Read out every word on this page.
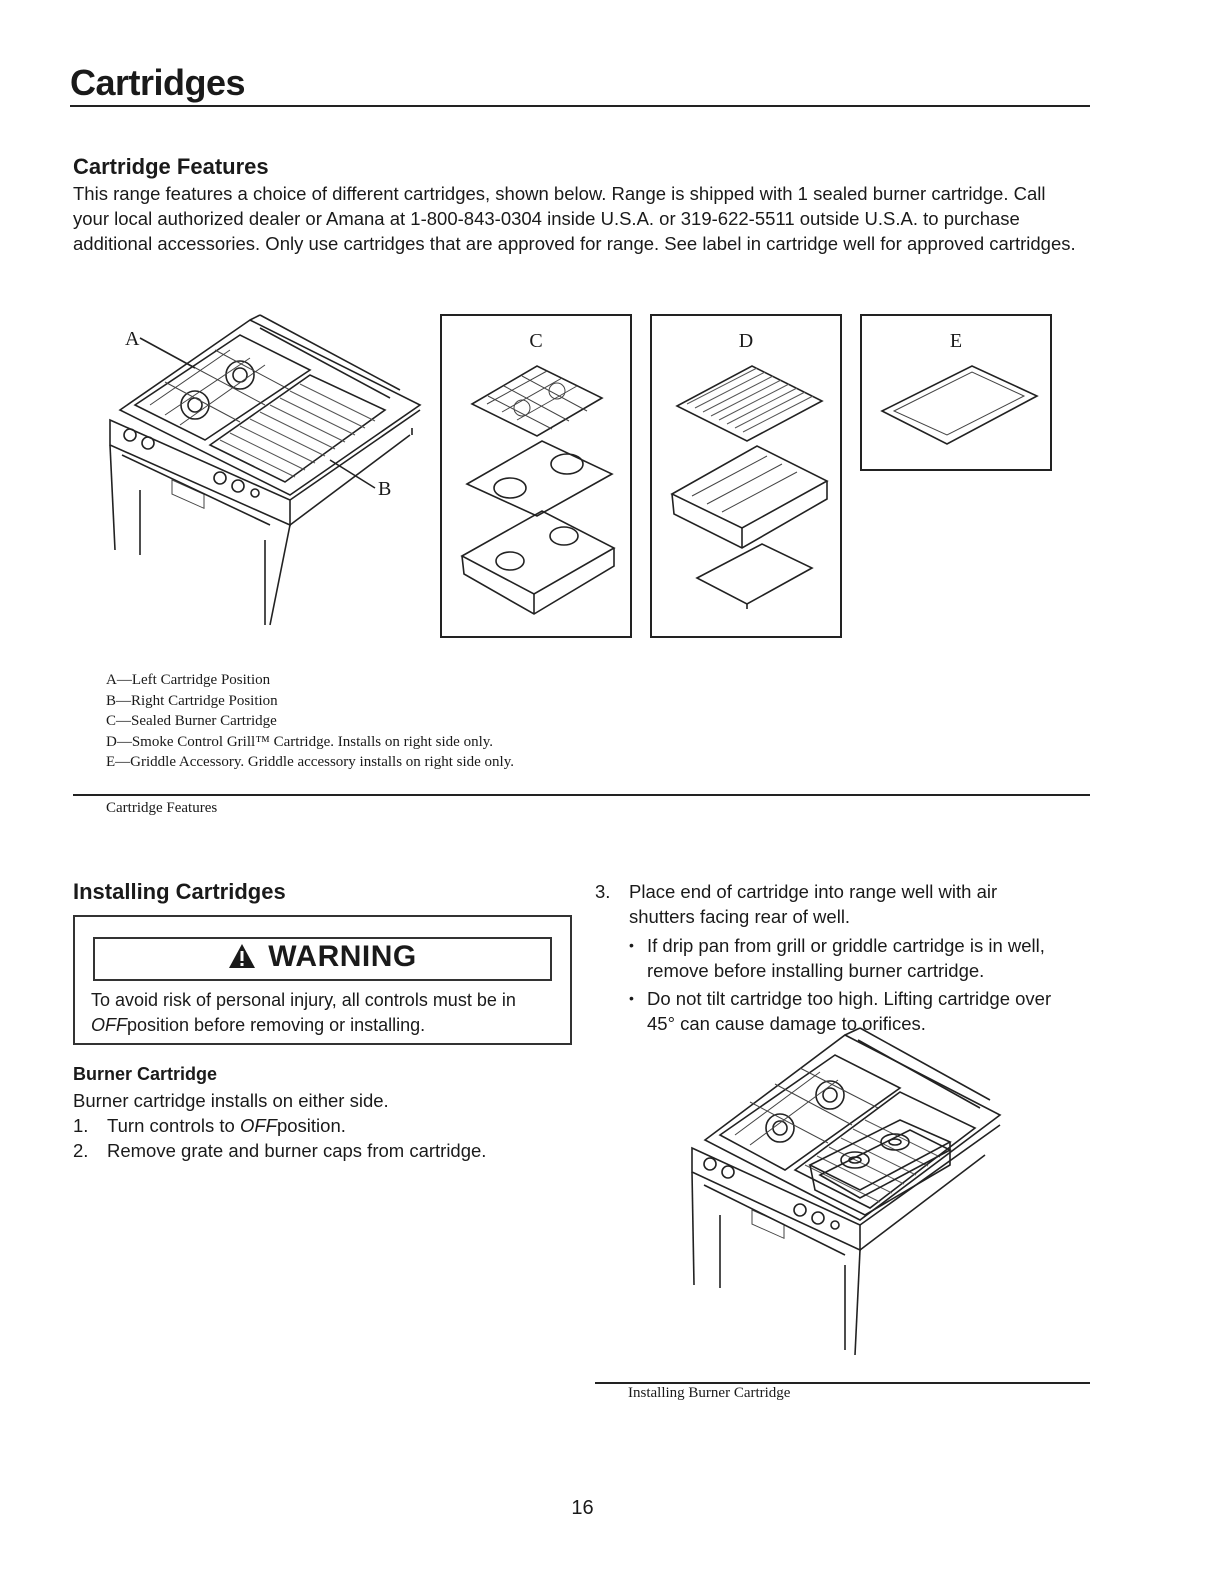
Cartridges
Cartridge Features
This range features a choice of different cartridges, shown below. Range is shipped with 1 sealed burner cartridge. Call your local authorized dealer or Amana at 1-800-843-0304 inside U.S.A. or 319-622-5511 outside U.S.A. to purchase additional accessories. Only use cartridges that are approved for range. See label in cartridge well for approved cartridges.
A
B
C	D	E
A—Left Cartridge Position
B—Right Cartridge Position
C—Sealed Burner Cartridge
D—Smoke Control Grill™ Cartridge. Installs on right side only.
E—Griddle Accessory. Griddle accessory installs on right side only.
Cartridge Features
Installing Cartridges
WARNING
To avoid risk of personal injury, all controls must be in OFFposition before removing or installing.
Burner Cartridge
Burner cartridge installs on either side.
1. Turn controls to OFFposition.
2. Remove grate and burner caps from cartridge.
3.	Place end of cartridge into range well with air shutters facing rear of well.
•
If drip pan from grill or griddle cartridge is in well, remove before installing burner cartridge.
•
Do not tilt cartridge too high. Lifting cartridge over 45° can cause damage to orifices.
Installing Burner Cartridge
16
